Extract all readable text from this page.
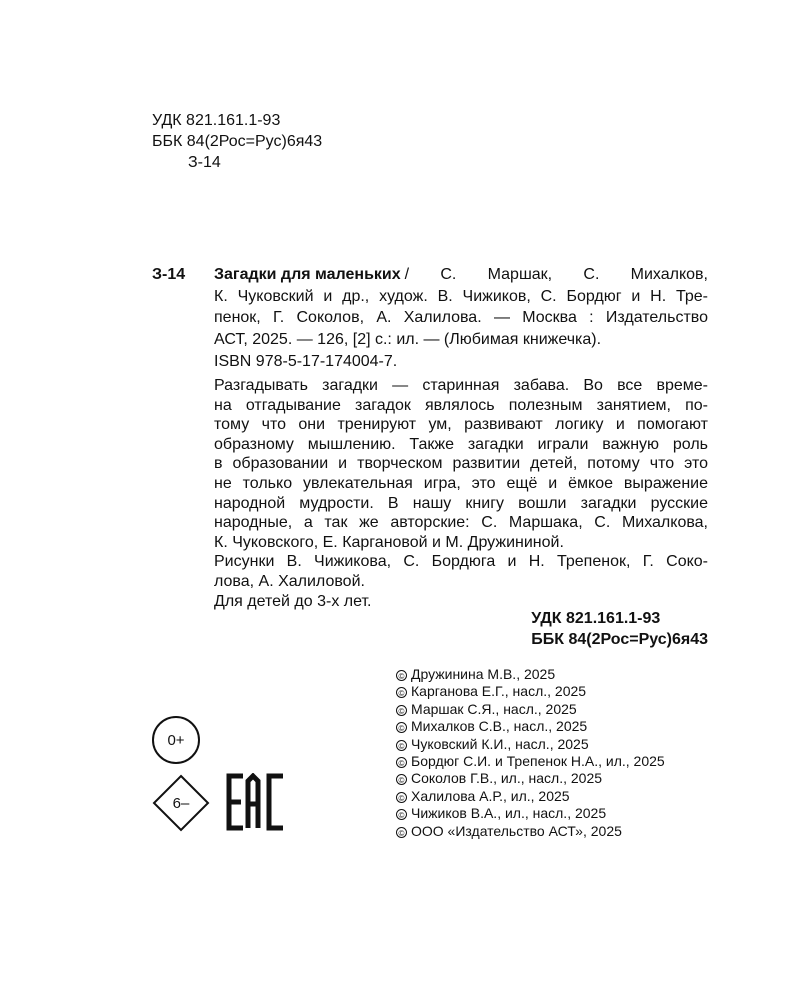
УДК 821.161.1-93
ББК 84(2Рос=Рус)6я43
З-14
З-14	Загадки для маленьких / С. Маршак, С. Михалков,
К. Чуковский и др., худож. В. Чижиков, С. Бордюг и Н. Тре-
пенок, Г. Соколов, А. Халилова. — Москва : Издательство
АСТ, 2025. — 126, [2] с.: ил. — (Любимая книжечка).
ISBN 978-5-17-174004-7.
Разгадывать загадки — старинная забава. Во все време-
на отгадывание загадок являлось полезным занятием, по-
тому что они тренируют ум, развивают логику и помогают
образному мышлению. Также загадки играли важную роль
в образовании и творческом развитии детей, потому что это
не только увлекательная игра, это ещё и ёмкое выражение
народной мудрости. В нашу книгу вошли загадки русские
народные, а так же авторские: С. Маршака, С. Михалкова,
К. Чуковского, Е. Каргановой и М. Дружининой.
Рисунки В. Чижикова, С. Бордюга и Н. Трепенок, Г. Соко-
лова, А. Халиловой.
Для детей до 3-х лет.
УДК 821.161.1-93
ББК 84(2Рос=Рус)6я43
© Дружинина М.В., 2025
© Карганова Е.Г., насл., 2025
© Маршак С.Я., насл., 2025
© Михалков С.В., насл., 2025
© Чуковский К.И., насл., 2025
© Бордюг С.И. и Трепенок Н.А., ил., 2025
© Соколов Г.В., ил., насл., 2025
© Халилова А.Р., ил., 2025
© Чижиков В.А., ил., насл., 2025
© ООО «Издательство АСТ», 2025
0+
6–
